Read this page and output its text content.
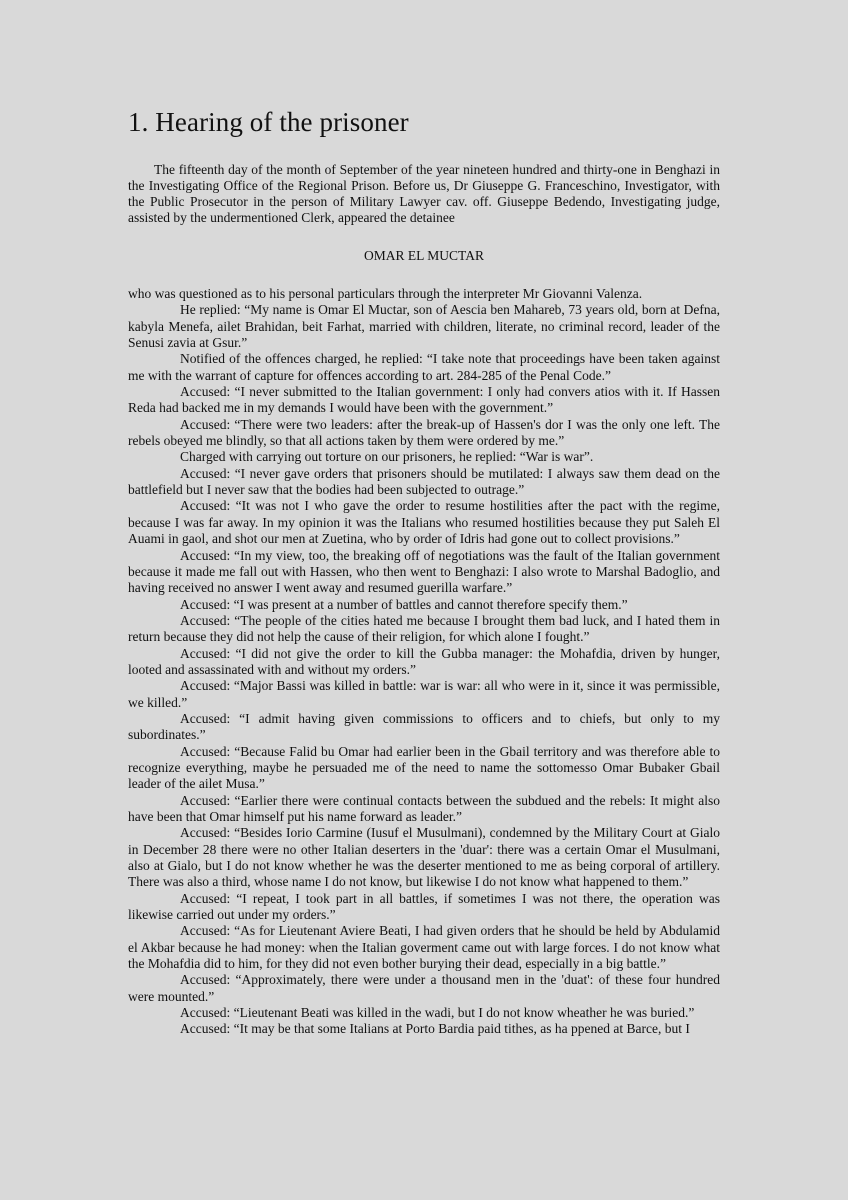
1. Hearing of the prisoner

The fifteenth day of the month of September of the year nineteen hundred and thirty-one in Benghazi in the Investigating Office of the Regional Prison. Before us, Dr Giuseppe G. Franceschino, Investigator, with the Public Prosecutor in the person of Military Lawyer cav. off. Giuseppe Bedendo, Investigating judge, assisted by the undermentioned Clerk, appeared the detainee

OMAR EL MUCTAR

who was questioned as to his personal particulars through the interpreter Mr Giovanni Valenza.

He replied: “My name is Omar El Muctar, son of Aescia ben Mahareb, 73 years old, born at Defna, kabyla Menefa, ailet Brahidan, beit Farhat, married with children, literate, no criminal record, leader of the Senusi zavia at Gsur.”

Notified of the offences charged, he replied: “I take note that proceedings have been taken against me with the warrant of capture for offences according to art. 284-285 of the Penal Code.”

Accused: “I never submitted to the Italian government: I only had convers atios with it. If Hassen Reda had backed me in my demands I would have been with the government.”

Accused: “There were two leaders: after the break-up of Hassen's dor I was the only one left. The rebels obeyed me blindly, so that all actions taken by them were ordered by me.”

Charged with carrying out torture on our prisoners, he replied: “War is war”.

Accused: “I never gave orders that prisoners should be mutilated: I always saw them dead on the battlefield but I never saw that the bodies had been subjected to outrage.”

Accused: “It was not I who gave the order to resume hostilities after the pact with the regime, because I was far away. In my opinion it was the Italians who resumed hostilities because they put Saleh El Auami in gaol, and shot our men at Zuetina, who by order of Idris had gone out to collect provisions.”

Accused: “In my view, too, the breaking off of negotiations was the fault of the Italian government because it made me fall out with Hassen, who then went to Benghazi: I also wrote to Marshal Badoglio, and having received no answer I went away and resumed guerilla warfare.”

Accused: “I was present at a number of battles and cannot therefore specify them.”

Accused: “The people of the cities hated me because I brought them bad luck, and I hated them in return because they did not help the cause of their religion, for which alone I fought.”

Accused: “I did not give the order to kill the Gubba manager: the Mohafdia, driven by hunger, looted and assassinated with and without my orders.”

Accused: “Major Bassi was killed in battle: war is war: all who were in it, since it was permissible, we killed.”

Accused: “I admit having given commissions to officers and to chiefs, but only to my subordinates.”

Accused: “Because Falid bu Omar had earlier been in the Gbail territory and was therefore able to recognize everything, maybe he persuaded me of the need to name the sottomesso Omar Bubaker Gbail leader of the ailet Musa.”

Accused: “Earlier there were continual contacts between the subdued and the rebels: It might also have been that Omar himself put his name forward as leader.”

Accused: “Besides Iorio Carmine (Iusuf el Musulmani), condemned by the Military Court at Gialo in December 28 there were no other Italian deserters in the 'duar': there was a certain Omar el Musulmani, also at Gialo, but I do not know whether he was the deserter mentioned to me as being corporal of artillery. There was also a third, whose name I do not know, but likewise I do not know what happened to them.”

Accused: “I repeat, I took part in all battles, if sometimes I was not there, the operation was likewise carried out under my orders.”

Accused: “As for Lieutenant Aviere Beati, I had given orders that he should be held by Abdulamid el Akbar because he had money: when the Italian goverment came out with large forces. I do not know what the Mohafdia did to him, for they did not even bother burying their dead, especially in a big battle.”

Accused: “Approximately, there were under a thousand men in the 'duat': of these four hundred were mounted.”

Accused: “Lieutenant Beati was killed in the wadi, but I do not know wheather he was buried.”

Accused: “It may be that some Italians at Porto Bardia paid tithes, as ha ppened at Barce, but I
